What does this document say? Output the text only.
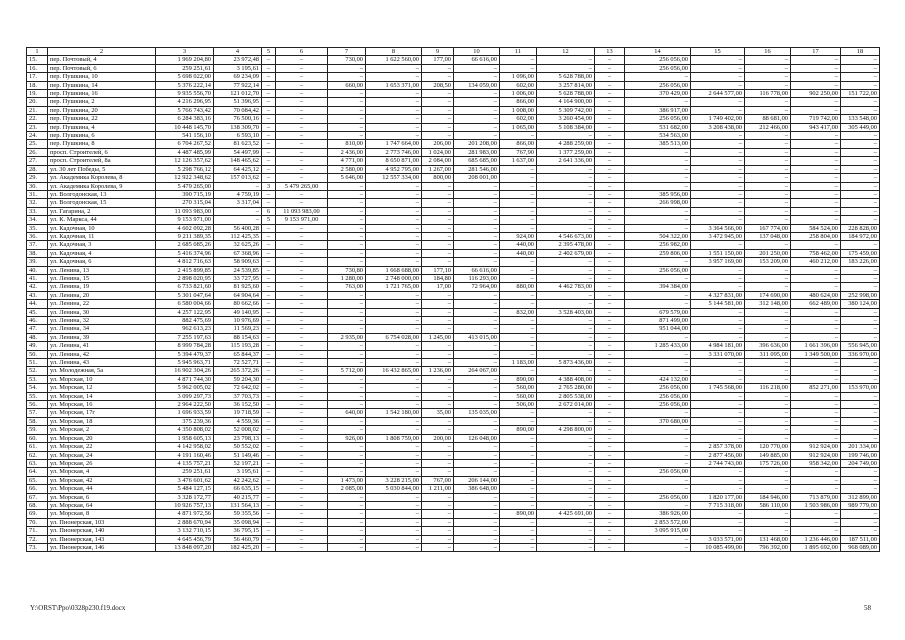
1	2	3	4	5	6	7	8	9	10	11	12	13	14	15	16	17	18
15.	пер. Почтовый, 4	1 969 204,80	23 972,48	–	–	730,00	1 622 560,00	177,00	66 616,00	–	–	–	256 056,00	–	–	–	–
16.	пер. Почтовый, 6	259 251,61	3 195,61	–	–	–	–	–	–	–	–	–	256 056,00	–	–	–	–
17.	пер. Пушкина, 10	5 698 022,00	69 234,09	–	–	–	–	–	–	1 096,00	5 628 788,00	–	–	–	–	–	–
18.	пер. Пушкина, 14	5 376 222,14	77 922,14	–	–	660,00	1 653 371,00	208,50	134 059,00	602,00	3 257 814,00	–	256 056,00	–	–	–	–
19.	пер. Пушкина, 16	9 935 556,70	121 012,70	–	–	–	–	–	–	1 006,00	5 628 788,00	–	370 429,00	2 644 577,00	116 778,00	902 250,00	151 722,00
20.	пер. Пушкина, 2	4 216 296,95	51 396,95	–	–	–	–	–	–	866,00	4 164 900,00	–	–	–	–	–	–
21.	пер. Пушкина, 20	5 766 743,42	70 084,42	–	–	–	–	–	–	1 008,00	5 309 742,00	–	386 917,00	–	–	–	–
22.	пер. Пушкина, 22	6 284 383,16	76 500,16	–	–	–	–	–	–	602,00	3 260 454,00	–	256 056,00	1 749 402,00	88 681,00	719 742,00	133 548,00
23.	пер. Пушкина, 4	10 448 145,70	138 309,70	–	–	–	–	–	–	1 065,00	5 108 384,00	–	531 682,00	3 208 438,00	212 466,00	943 417,00	305 449,00
24.	пер. Пушкина, 6	541 156,10	6 593,10	–	–	–	–	–	–	–	–	–	534 563,00	–	–	–	–
25.	пер. Пушкина, 8	6 704 267,52	81 623,52	–	–	810,00	1 747 664,00	206,00	201 208,00	866,00	4 288 259,00	–	385 513,00	–	–	–	–
26.	просп. Строителей, 6	4 487 485,99	54 497,99	–	–	2 436,00	2 773 746,00	1 024,00	281 983,00	767,90	1 377 259,00	–	–	–	–	–	–
27.	просп. Строителей, 8а	12 126 357,62	148 465,62	–	–	4 771,00	8 650 871,00	2 084,00	685 685,00	1 637,00	2 641 336,00	–	–	–	–	–	–
28.	ул. 30 лет Победы, 5	5 298 766,12	64 425,12	–	–	2 580,00	4 952 795,00	1 267,00	281 546,00	–	–	–	–	–	–	–	–
29.	ул. Академика Королева, 8	12 922 348,62	157 013,62	–	–	5 646,00	12 557 334,00	800,00	208 001,00	–	–	–	–	–	–	–	–
30.	ул. Академика Королева, 9	5 479 265,00	–	3	5 479 265,00	–	–	–	–	–	–	–	–	–	–	–	–
31.	ул. Волгодонская, 13	390 715,19	4 759,19	–	–	–	–	–	–	–	–	–	385 956,00	–	–	–	–
32.	ул. Волгодонская, 15	270 315,04	3 317,04	–	–	–	–	–	–	–	–	–	266 998,00	–	–	–	–
33.	ул. Гагарина, 2	11 093 983,00	–	6	11 093 983,00	–	–	–	–	–	–	–	–	–	–	–	–
34.	ул. К. Маркса, 44	9 153 971,00	–	5	9 153 971,00	–	–	–	–	–	–	–	–	–	–	–	–
35.	ул. Кадочная, 10	4 602 092,28	56 400,28	–	–	–	–	–	–	–	–	–	–	3 364 566,00	167 774,00	584 524,00	228 828,00
36.	ул. Кадочная, 11	9 211 389,35	112 425,35	–	–	–	–	–	–	924,00	4 546 673,00	–	504 322,00	3 472 945,00	137 048,00	258 804,00	184 972,00
37.	ул. Кадочная, 3	2 685 085,26	32 625,26	–	–	–	–	–	–	440,00	2 395 478,00	–	256 982,00	–	–	–	–
38.	ул. Кадочная, 4	5 416 374,96	67 368,96	–	–	–	–	–	–	440,00	2 402 679,00	–	259 806,00	1 551 150,00	201 250,00	758 462,00	175 459,00
39.	ул. Кадочная, 6	4 812 716,63	58 909,63	–	–	–	–	–	–	–	–	–	–	3 957 169,00	153 209,00	460 212,00	183 226,00
40.	ул. Ленина, 13	2 415 899,85	24 539,85	–	–	730,80	1 668 688,00	177,10	66 616,00	–	–	–	256 056,00	–	–	–	–
41.	ул. Ленина, 15	2 898 020,95	33 727,95	–	–	1 280,00	2 748 000,00	184,80	116 293,00	–	–	–	–	–	–	–	–
42.	ул. Ленина, 19	6 733 821,60	81 925,60	–	–	763,00	1 721 765,00	17,00	72 964,00	880,00	4 462 783,00	–	394 384,00	–	–	–	–
43.	ул. Ленина, 20	5 301 047,64	64 904,64	–	–	–	–	–	–	–	–	–	–	4 327 831,00	174 690,00	480 624,00	252 998,00
44.	ул. Ленина, 22	6 580 004,66	80 662,66	–	–	–	–	–	–	–	–	–	–	5 144 581,00	312 148,00	662 489,00	380 124,00
45.	ул. Ленина, 30	4 257 122,95	49 140,95	–	–	–	–	–	–	832,00	3 528 403,00	–	679 579,00	–	–	–	–
46.	ул. Ленина, 32	882 475,69	10 976,69	–	–	–	–	–	–	–	–	–	871 499,00	–	–	–	–
47.	ул. Ленина, 34	962 613,23	11 569,23	–	–	–	–	–	–	–	–	–	951 044,00	–	–	–	–
48.	ул. Ленина, 39	7 255 197,63	88 154,63	–	–	2 935,00	6 754 028,00	1 245,00	413 015,00	–	–	–	–	–	–	–	–
49.	ул. Ленина, 41	8 999 784,28	115 193,28	–	–	–	–	–	–	–	–	–	1 285 433,00	4 984 181,00	396 636,00	1 661 396,00	556 945,00
50.	ул. Ленина, 42	5 394 479,37	65 844,37	–	–	–	–	–	–	–	–	–	–	3 331 070,00	311 095,00	1 349 500,00	336 970,00
51.	ул. Ленина, 43	5 945 963,71	72 527,71	–	–	–	–	–	–	1 183,00	5 873 436,00	–	–	–	–	–	–
52.	ул. Молодежная, 5а	16 902 304,26	265 372,26	–	–	5 712,00	16 432 865,00	1 236,00	264 067,00	–	–	–	–	–	–	–	–
53.	ул. Морская, 10	4 871 744,30	59 204,30	–	–	–	–	–	–	890,00	4 388 408,00	–	424 132,00	–	–	–	–
54.	ул. Морская, 12	5 962 005,02	72 642,02	–	–	–	–	–	–	560,00	2 765 280,00	–	256 056,00	1 745 568,00	116 218,00	852 271,00	153 970,00
55.	ул. Морская, 14	3 099 297,73	37 703,73	–	–	–	–	–	–	560,00	2 805 538,00	–	256 056,00	–	–	–	–
56.	ул. Морская, 16	2 964 222,50	36 152,50	–	–	–	–	–	–	506,00	2 672 014,00	–	256 056,00	–	–	–	–
57.	ул. Морская, 17г	1 696 933,59	19 718,59	–	–	640,00	1 542 180,00	35,00	135 035,00	–	–	–	–	–	–	–	–
58.	ул. Морская, 18	375 239,36	4 559,36	–	–	–	–	–	–	–	–	–	370 680,00	–	–	–	–
59.	ул. Морская, 2	4 350 808,02	52 008,02	–	–	–	–	–	–	890,00	4 298 800,00	–	–	–	–	–	–
60.	ул. Морская, 20	1 958 605,13	23 798,13	–	–	926,00	1 808 759,00	200,00	126 048,00	–	–	–	–	–	–	–	–
61.	ул. Морская, 22	4 142 958,02	50 552,02	–	–	–	–	–	–	–	–	–	–	2 857 378,00	120 770,00	912 924,00	201 334,00
62.	ул. Морская, 24	4 191 160,46	51 149,46	–	–	–	–	–	–	–	–	–	–	2 877 456,00	149 885,00	912 924,00	199 746,00
63.	ул. Морская, 26	4 135 757,21	52 197,21	–	–	–	–	–	–	–	–	–	–	2 744 743,00	175 726,00	958 342,00	204 749,00
64.	ул. Морская, 4	259 251,61	3 195,61	–	–	–	–	–	–	–	–	–	256 056,00	–	–	–	–
65.	ул. Морская, 42	3 476 601,62	42 242,62	–	–	1 473,00	3 228 215,00	767,00	206 144,00	–	–	–	–	–	–	–	–
66.	ул. Морская, 44	5 484 127,15	66 635,15	–	–	2 085,00	5 030 844,00	1 211,00	386 648,00	–	–	–	–	–	–	–	–
67.	ул. Морская, 6	3 328 172,77	40 215,77	–	–	–	–	–	–	–	–	–	256 056,00	1 820 177,00	184 946,00	713 879,00	312 899,00
68.	ул. Морская, 64	10 926 757,13	131 564,13	–	–	–	–	–	–	–	–	–	–	7 715 318,00	586 110,00	1 503 986,00	989 779,00
69.	ул. Морская, 8	4 871 972,56	59 355,56	–	–	–	–	–	–	890,00	4 425 691,00	–	386 926,00	–	–	–	–
70.	ул. Пионерская, 103	2 888 670,94	35 098,94	–	–	–	–	–	–	–	–	–	2 853 572,00	–	–	–	–
71.	ул. Пионерская, 140	3 132 710,15	36 795,15	–	–	–	–	–	–	–	–	–	3 095 915,00	–	–	–	–
72.	ул. Пионерская, 143	4 645 456,79	56 460,79	–	–	–	–	–	–	–	–	–	–	3 033 571,00	131 468,00	1 236 446,00	187 511,00
73.	ул. Пионерская, 146	13 848 097,20	182 425,20	–	–	–	–	–	–	–	–	–	–	10 085 499,00	796 392,00	1 895 692,00	968 089,00
Y:\ORST\Ppo\0328p230.f19.docx	58
